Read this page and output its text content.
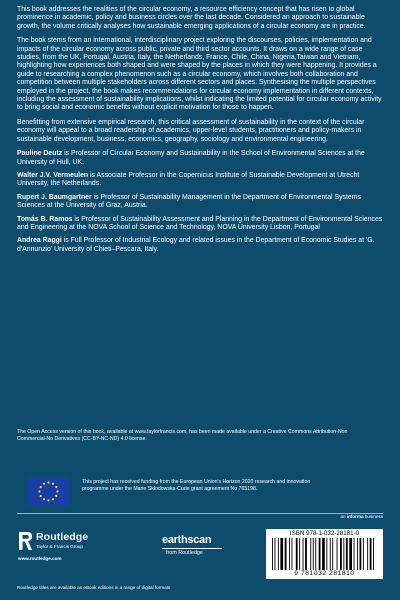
This book addresses the realities of the circular economy, a resource efficiency concept that has risen to global prominence in academic, policy and business circles over the last decade. Considered an approach to sustainable growth, the volume critically analyses how sustainable emerging applications of a circular economy are in practice.

The book stems from an international, interdisciplinary project exploring the discourses, policies, implementation and impacts of the circular economy across public, private and third sector accounts. It draws on a wide range of case studies, from the UK, Portugal, Austria, Italy, the Netherlands, France, Chile, China, Nigeria,Taiwan and Vietnam, highlighting how experiences both shaped and were shaped by the places in which they were happening. It provides a guide to researching a complex phenomenon such as a circular economy, which involves both collaboration and competition between multiple stakeholders across different sectors and places. Synthesising the multiple perspectives employed in the project, the book makes recommendations for circular economy implementation in different contexts, including the assessment of sustainability implications, whilst indicating the limited potential for circular economy activity to bring social and economic benefits without explicit motivation for those to happen.

Benefitting from extensive empirical research, this critical assessment of sustainability in the context of the circular economy will appeal to a broad readership of academics, upper-level students, practitioners and policy-makers in sustainable development, business, economics, geography, sociology and environmental engineering.

Pauline Deutz is Professor of Circular Economy and Sustainability in the School of Environmental Sciences at the University of Hull, UK.

Walter J.V. Vermeulen is Associate Professor in the Copernicus Institute of Sustainable Development at Utrecht University, the Netherlands.

Rupert J. Baumgartner is Professor of Sustainability Management in the Department of Environmental Systems Sciences at the University of Graz, Austria.

Tomás B. Ramos is Professor of Sustainability Assessment and Planning in the Department of Environmental Sciences and Engineering at the NOVA School of Science and Technology, NOVA University Lisbon, Portugal

Andrea Raggi is Full Professor of Industrial Ecology and related issues in the Department of Economic Studies at 'G. d'Annunzio' University of Chieti–Pescara, Italy.

The Open Access version of this book, available at www.taylorfrancis.com, has been made available under a Creative Commons Attribution-Non Commercial-No Derivatives (CC-BY-NC-ND) 4.0 license.
This project has received funding from the European Union's Horizon 2020 research and innovation programme under the Marie Skłodowska-Curie grant agreement No 765198.
an informa business
Routledge
Taylor & Francis Group
www.routledge.com
earthscan
from Routledge
ISBN 978-1-032-28181-0
9 781032 281810
Routledge titles are available as eBook editions in a range of digital formats
